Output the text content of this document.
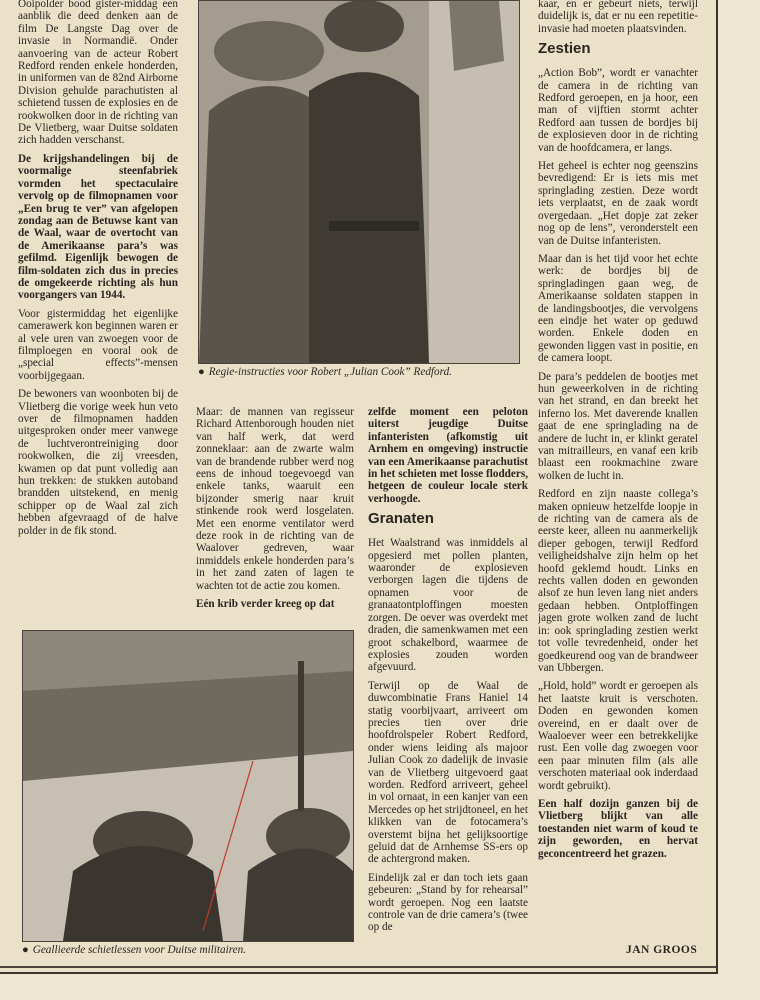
Ooipolder bood gister-middag een aanblik die deed denken aan de film De Langste Dag over de invasie in Normandië. Onder aanvoering van de acteur Robert Redford renden enkele honderden, in uniformen van de 82nd Airborne Division gehulde parachutisten al schietend tussen de explosies en de rookwolken door in de richting van De Vlietberg, waar Duitse soldaten zich hadden verschanst.

De krijgshandelingen bij de voormalige steenfabriek vormden het spectaculaire vervolg op de filmopnamen voor „Een brug te ver” van afgelopen zondag aan de Betuwse kant van de Waal, waar de overtocht van de Amerikaanse para’s was gefilmd. Eigenlijk bewogen de film-soldaten zich dus in precies de omgekeerde richting als hun voorgangers van 1944.

Voor gistermiddag het eigenlijke camerawerk kon beginnen waren er al vele uren van zwoegen voor de filmploegen en vooral ook de „special effects”-mensen voorbijgegaan.

De bewoners van woonboten bij de Vlietberg die vorige week hun veto over de filmopnamen hadden uitgesproken onder meer vanwege de luchtverontreiniging door rookwolken, die zij vreesden, kwamen op dat punt volledig aan hun trekken: de stukken autoband brandden uitstekend, en menig schipper op de Waal zal zich hebben afgevraagd of de halve polder in de fik stond.

● Regie-instructies voor Robert „Julian Cook” Redford.

Maar: de mannen van regisseur Richard Attenborough houden niet van half werk, dat werd zonneklaar: aan de zwarte walm van de brandende rubber werd nog eens de inhoud toegevoegd van enkele tanks, waaruit een bijzonder smerig naar kruit stinkende rook werd losgelaten. Met een enorme ventilator werd deze rook in de richting van de Waalover gedreven, waar inmiddels enkele honderden para’s in het zand zaten of lagen te wachten tot de actie zou komen.

Eén krib verder kreeg op dat

zelfde moment een peloton uiterst jeugdige Duitse infanteristen (afkomstig uit Arnhem en omgeving) instructie van een Amerikaanse parachutist in het schieten met losse flodders, hetgeen de couleur locale sterk verhoogde.

Granaten

Het Waalstrand was inmiddels al opgesierd met pollen planten, waaronder de explosieven verborgen lagen die tijdens de opnamen voor de granaatontploffingen moesten zorgen. De oever was overdekt met draden, die samenkwamen met een groot schakelbord, waarmee de explosies zouden worden afgevuurd.

Terwijl op de Waal de duwcombinatie Frans Haniel 14 statig voorbijvaart, arriveert om precies tien over drie hoofdrolspeler Robert Redford, onder wiens leiding als majoor Julian Cook zo dadelijk de invasie van de Vlietberg uitgevoerd gaat worden. Redford arriveert, geheel in vol ornaat, in een kanjer van een Mercedes op het strijdtoneel, en het klikken van de fotocamera’s overstemt bijna het gelijksoortige geluid dat de Arnhemse SS-ers op de achtergrond maken.

Eindelijk zal er dan toch iets gaan gebeuren: „Stand by for rehearsal” wordt geroepen. Nog een laatste controle van de drie camera’s (twee op de

● Geallieerde schietlessen voor Duitse militairen.

kaar, en er gebeurt niets, terwijl duidelijk is, dat er nu een repetitie-invasie had moeten plaatsvinden.

Zestien

„Action Bob”, wordt er vanachter de camera in de richting van Redford geroepen, en ja hoor, een man of vijftien stormt achter Redford aan tussen de bordjes bij de explosieven door in de richting van de hoofdcamera, er langs.

Het geheel is echter nog geenszins bevredigend: Er is iets mis met springlading zestien. Deze wordt iets verplaatst, en de zaak wordt overgedaan. „Het dopje zat zeker nog op de lens”, veronderstelt een van de Duitse infanteristen.

Maar dan is het tijd voor het echte werk: de bordjes bij de springladingen gaan weg, de Amerikaanse soldaten stappen in de landingsbootjes, die vervolgens een eindje het water op geduwd worden. Enkele doden en gewonden liggen vast in positie, en de camera loopt.

De para’s peddelen de bootjes met hun geweerkolven in de richting van het strand, en dan breekt het inferno los. Met daverende knallen gaat de ene springlading na de andere de lucht in, er klinkt geratel van mitrailleurs, en vanaf een krib blaast een rookmachine zware wolken de lucht in.

Redford en zijn naaste collega’s maken opnieuw hetzelfde loopje in de richting van de camera als de eerste keer, alleen nu aanmerkelijk dieper gebogen, terwijl Redford veiligheidshalve zijn helm op het hoofd geklemd houdt. Links en rechts vallen doden en gewonden alsof ze hun leven lang niet anders gedaan hebben. Ontploffingen jagen grote wolken zand de lucht in: ook springlading zestien werkt tot volle tevredenheid, onder het goedkeurend oog van de brandweer van Ubbergen.

„Hold, hold” wordt er geroepen als het laatste kruit is verschoten. Doden en gewonden komen overeind, en er daalt over de Waaloever weer een betrekkelijke rust. Een volle dag zwoegen voor een paar minuten film (als alle verschoten materiaal ook inderdaad wordt gebruikt).

Een half dozijn ganzen bij de Vlietberg blijkt van alle toestanden niet warm of koud te zijn geworden, en hervat geconcentreerd het grazen.

JAN GROOS
